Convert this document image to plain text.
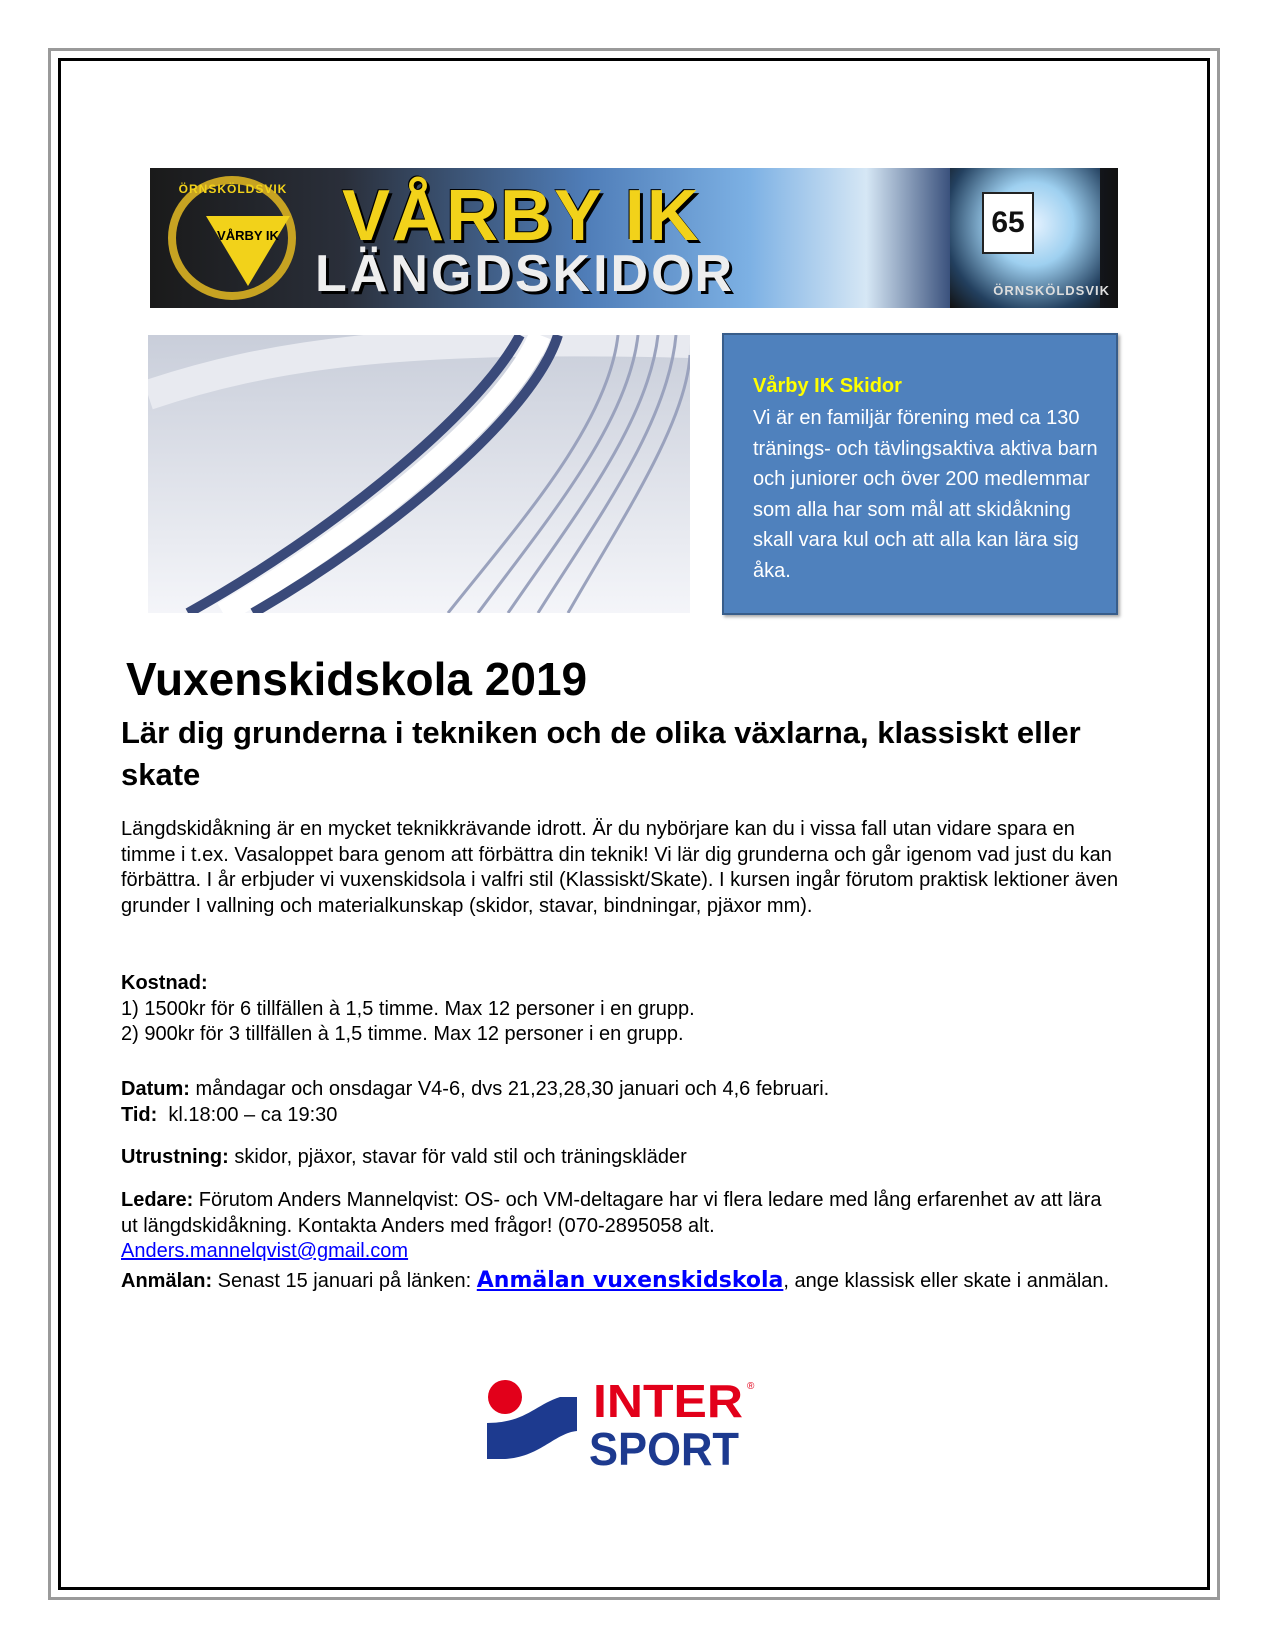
ÖRNSKÖLDSVIK
VÅRBY IK VÅRBY IK
LÄNGDSKIDOR
65
ÖRNSKÖLDSVIK
Vårby IK Skidor
Vi är en familjär förening med ca 130 tränings- och tävlingsaktiva aktiva barn och juniorer och över 200 medlemmar som alla har som mål att skidåkning skall vara kul och att alla kan lära sig åka.
Vuxenskidskola 2019
Lär dig grunderna i tekniken och de olika växlarna, klassiskt eller skate
Längdskidåkning är en mycket teknikkrävande idrott. Är du nybörjare kan du i vissa fall utan vidare spara en timme i t.ex. Vasaloppet bara genom att förbättra din teknik! Vi lär dig grunderna och går igenom vad just du kan förbättra. I år erbjuder vi vuxenskidsola i valfri stil (Klassiskt/Skate). I kursen ingår förutom praktisk lektioner även grunder I vallning och materialkunskap (skidor, stavar, bindningar, pjäxor mm).
Kostnad:
1) 1500kr för 6 tillfällen à 1,5 timme. Max 12 personer i en grupp.
2) 900kr för 3 tillfällen à 1,5 timme. Max 12 personer i en grupp.
Datum: måndagar och onsdagar V4-6, dvs 21,23,28,30 januari och 4,6 februari.
Tid:  kl.18:00 – ca 19:30
Utrustning: skidor, pjäxor, stavar för vald stil och träningskläder
Ledare: Förutom Anders Mannelqvist: OS- och VM-deltagare har vi flera ledare med lång erfarenhet av att lära ut längdskidåkning. Kontakta Anders med frågor! (070-2895058 alt.
Anders.mannelqvist@gmail.com
Anmälan: Senast 15 januari på länken: Anmälan vuxenskidskola, ange klassisk eller skate i anmälan.
INTER ®
SPORT
